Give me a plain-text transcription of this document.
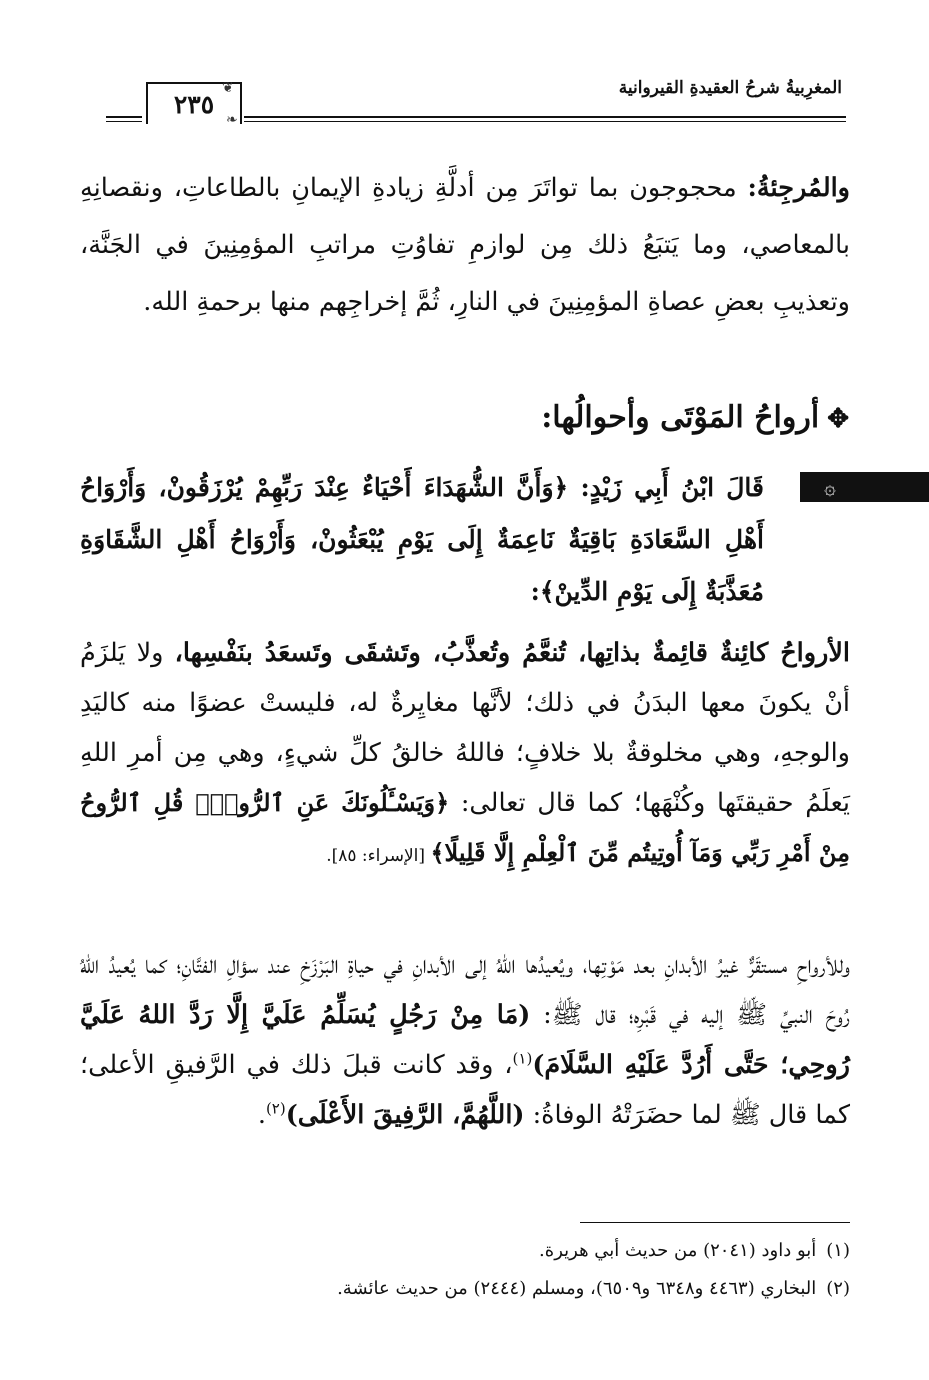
٢٣٥
❦
❧
المغرِبيةُ شرحُ العقيدةِ القيروانية

والمُرجِئةُ: محجوجون بما تواتَرَ مِن أدلَّةِ زيادةِ الإيمانِ بالطاعاتِ، ونقصانِهِ بالمعاصي، وما يَتبَعُ ذلك مِن لوازمِ تفاوُتِ مراتبِ المؤمِنِينَ في الجَنَّة، وتعذيبِ بعضِ عصاةِ المؤمِنِينَ في النارِ، ثُمَّ إخراجِهم منها برحمةِ الله.

✥أرواحُ المَوْتَى وأحوالُها:
۞

قَالَ ابْنُ أَبِي زَيْدٍ: ﴿وَأَنَّ الشُّهَدَاءَ أَحْيَاءٌ عِنْدَ رَبِّهِمْ يُرْزَقُونْ، وَأَرْوَاحُ أَهْلِ السَّعَادَةِ بَاقِيَةٌ نَاعِمَةٌ إِلَى يَوْمِ يُبْعَثُونْ، وَأَرْوَاحُ أَهْلِ الشَّقَاوَةِ مُعَذَّبَةٌ إِلَى يَوْمِ الدِّينْ﴾:

الأرواحُ كائِنةٌ قائِمةٌ بذاتِها، تُنعَّمُ وتُعذَّبُ، وتَشقَى وتَسعَدُ بنَفْسِها، ولا يَلزَمُ أنْ يكونَ معها البدَنُ في ذلك؛ لأنَّها مغايِرةٌ له، فليستْ عضوًا منه كاليَدِ والوجهِ، وهي مخلوقةٌ بلا خلافٍ؛ فاللهُ خالقُ كلِّ شيءٍ، وهي مِن أمرِ اللهِ يَعلَمُ حقيقتَها وكُنْهَها؛ كما قال تعالى: ﴿وَيَسْـَٔلُونَكَ عَنِ ٱلرُّوحِۖ قُلِ ٱلرُّوحُ مِنْ أَمْرِ رَبِّي وَمَآ أُوتِيتُم مِّنَ ٱلْعِلْمِ إِلَّا قَلِيلًا﴾ [الإسراء: ٨٥].

وللأرواحِ مستقَرٌّ غيرُ الأبدانِ بعد مَوْتِها، ويُعيدُها اللهُ إلى الأبدانِ في حياةِ البَرْزَخِ عند سؤالِ الفتَّانِ؛ كما يُعيدُ اللهُ رُوحَ النبيِّ ﷺ إليه في قَبْرِه؛ قال ﷺ: (مَا مِنْ رَجُلٍ يُسَلِّمُ عَلَيَّ إِلَّا رَدَّ اللهُ عَلَيَّ رُوحِي؛ حَتَّى أَرُدَّ عَلَيْهِ السَّلَامَ)$^{(١)}$، وقد كانت قبلَ ذلك في الرَّفيقِ الأعلى؛ كما قال ﷺ لما حضَرَتْهُ الوفاةُ: (اللَّهُمَّ، الرَّفِيقَ الأَعْلَى)$^{(٢)}$.

(١)أبو داود (٢٠٤١) من حديث أبي هريرة.

(٢)البخاري (٤٤٦٣ و٦٣٤٨ و٦٥٠٩)، ومسلم (٢٤٤٤) من حديث عائشة.
